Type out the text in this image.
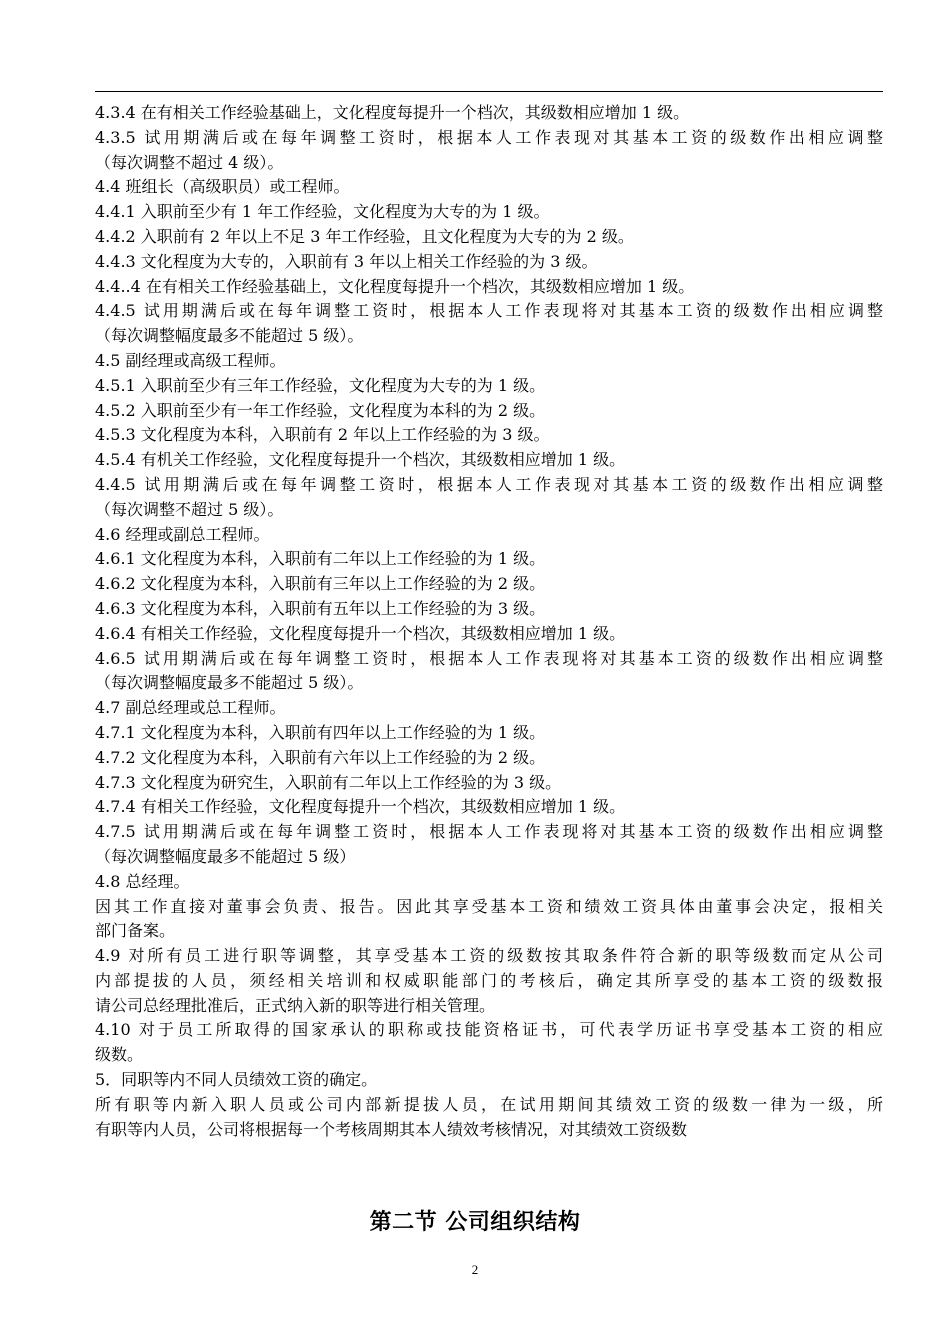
4.3.4 在有相关工作经验基础上，文化程度每提升一个档次，其级数相应增加 1 级。
4.3.5 试用期满后或在每年调整工资时，根据本人工作表现对其基本工资的级数作出相应调整
（每次调整不超过 4 级）。
4.4 班组长（高级职员）或工程师。
4.4.1 入职前至少有 1 年工作经验，文化程度为大专的为 1 级。
4.4.2 入职前有 2 年以上不足 3 年工作经验，且文化程度为大专的为 2 级。
4.4.3 文化程度为大专的，入职前有 3 年以上相关工作经验的为 3 级。
4.4..4 在有相关工作经验基础上，文化程度每提升一个档次，其级数相应增加 1 级。
4.4.5 试用期满后或在每年调整工资时，根据本人工作表现将对其基本工资的级数作出相应调整
（每次调整幅度最多不能超过 5 级）。
4.5 副经理或高级工程师。
4.5.1 入职前至少有三年工作经验，文化程度为大专的为 1 级。
4.5.2 入职前至少有一年工作经验，文化程度为本科的为 2 级。
4.5.3 文化程度为本科，入职前有 2 年以上工作经验的为 3 级。
4.5.4 有机关工作经验，文化程度每提升一个档次，其级数相应增加 1 级。
4.4.5 试用期满后或在每年调整工资时，根据本人工作表现对其基本工资的级数作出相应调整
（每次调整不超过 5 级）。
4.6 经理或副总工程师。
4.6.1 文化程度为本科，入职前有二年以上工作经验的为 1 级。
4.6.2 文化程度为本科，入职前有三年以上工作经验的为 2 级。
4.6.3 文化程度为本科，入职前有五年以上工作经验的为 3 级。
4.6.4 有相关工作经验，文化程度每提升一个档次，其级数相应增加 1 级。
4.6.5 试用期满后或在每年调整工资时，根据本人工作表现将对其基本工资的级数作出相应调整
（每次调整幅度最多不能超过 5 级）。
4.7 副总经理或总工程师。
4.7.1 文化程度为本科，入职前有四年以上工作经验的为 1 级。
4.7.2 文化程度为本科，入职前有六年以上工作经验的为 2 级。
4.7.3 文化程度为研究生，入职前有二年以上工作经验的为 3 级。
4.7.4 有相关工作经验，文化程度每提升一个档次，其级数相应增加 1 级。
4.7.5 试用期满后或在每年调整工资时，根据本人工作表现将对其基本工资的级数作出相应调整
（每次调整幅度最多不能超过 5 级）
4.8 总经理。
因其工作直接对董事会负责、报告。因此其享受基本工资和绩效工资具体由董事会决定，报相关
部门备案。
4.9 对所有员工进行职等调整，其享受基本工资的级数按其取条件符合新的职等级数而定从公司
内部提拔的人员，须经相关培训和权威职能部门的考核后，确定其所享受的基本工资的级数报
请公司总经理批准后，正式纳入新的职等进行相关管理。
4.10 对于员工所取得的国家承认的职称或技能资格证书，可代表学历证书享受基本工资的相应
级数。
5．同职等内不同人员绩效工资的确定。
所有职等内新入职人员或公司内部新提拔人员，在试用期间其绩效工资的级数一律为一级，所
有职等内人员，公司将根据每一个考核周期其本人绩效考核情况，对其绩效工资级数
第二节 公司组织结构
2
